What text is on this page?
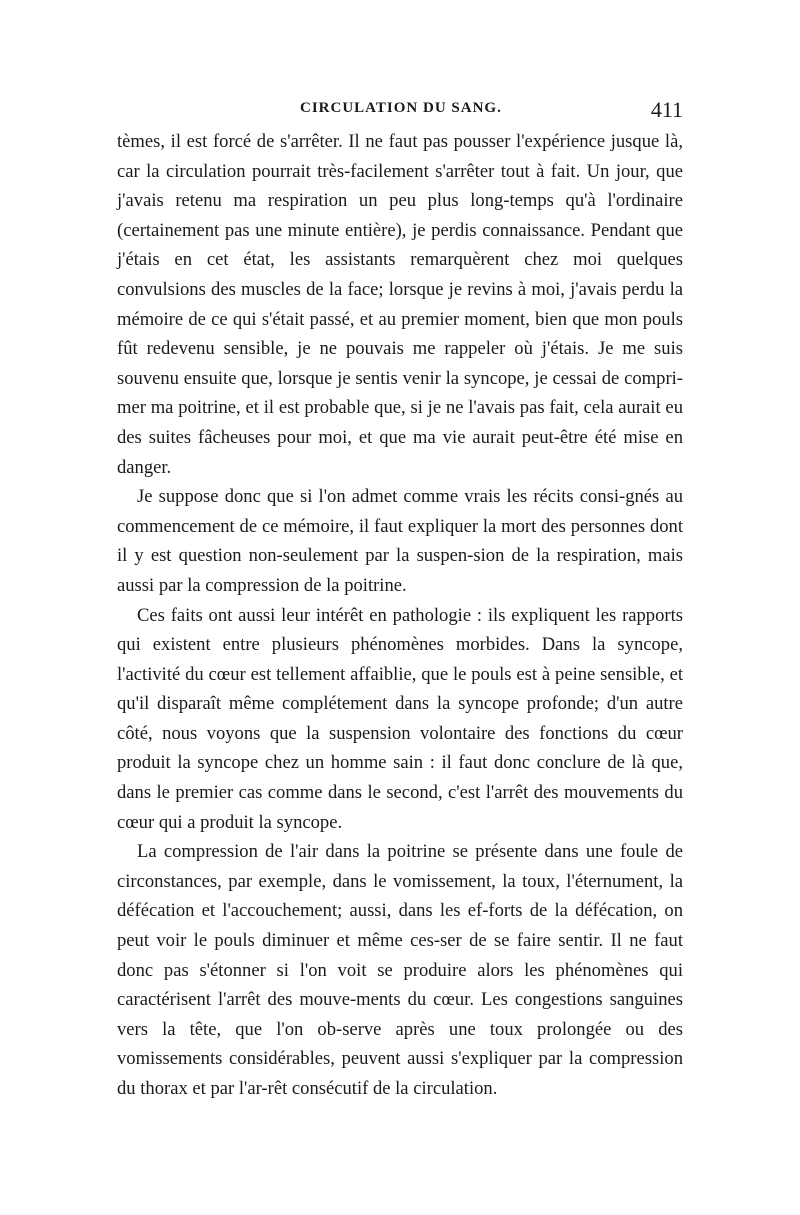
CIRCULATION DU SANG.	411

tèmes, il est forcé de s'arrêter. Il ne faut pas pousser l'expérience jusque là, car la circulation pourrait très-facilement s'arrêter tout à fait. Un jour, que j'avais retenu ma respiration un peu plus long-temps qu'à l'ordinaire (certainement pas une minute entière), je perdis connaissance. Pendant que j'étais en cet état, les assistants remarquèrent chez moi quelques convulsions des muscles de la face; lorsque je revins à moi, j'avais perdu la mémoire de ce qui s'était passé, et au premier moment, bien que mon pouls fût redevenu sensible, je ne pouvais me rappeler où j'étais. Je me suis souvenu ensuite que, lorsque je sentis venir la syncope, je cessai de compri-mer ma poitrine, et il est probable que, si je ne l'avais pas fait, cela aurait eu des suites fâcheuses pour moi, et que ma vie aurait peut-être été mise en danger.

Je suppose donc que si l'on admet comme vrais les récits consi-gnés au commencement de ce mémoire, il faut expliquer la mort des personnes dont il y est question non-seulement par la suspen-sion de la respiration, mais aussi par la compression de la poitrine.

Ces faits ont aussi leur intérêt en pathologie : ils expliquent les rapports qui existent entre plusieurs phénomènes morbides. Dans la syncope, l'activité du cœur est tellement affaiblie, que le pouls est à peine sensible, et qu'il disparaît même complétement dans la syncope profonde; d'un autre côté, nous voyons que la suspension volontaire des fonctions du cœur produit la syncope chez un homme sain : il faut donc conclure de là que, dans le premier cas comme dans le second, c'est l'arrêt des mouvements du cœur qui a produit la syncope.

La compression de l'air dans la poitrine se présente dans une foule de circonstances, par exemple, dans le vomissement, la toux, l'éternument, la défécation et l'accouchement; aussi, dans les ef-forts de la défécation, on peut voir le pouls diminuer et même ces-ser de se faire sentir. Il ne faut donc pas s'étonner si l'on voit se produire alors les phénomènes qui caractérisent l'arrêt des mouve-ments du cœur. Les congestions sanguines vers la tête, que l'on ob-serve après une toux prolongée ou des vomissements considérables, peuvent aussi s'expliquer par la compression du thorax et par l'ar-rêt consécutif de la circulation.
